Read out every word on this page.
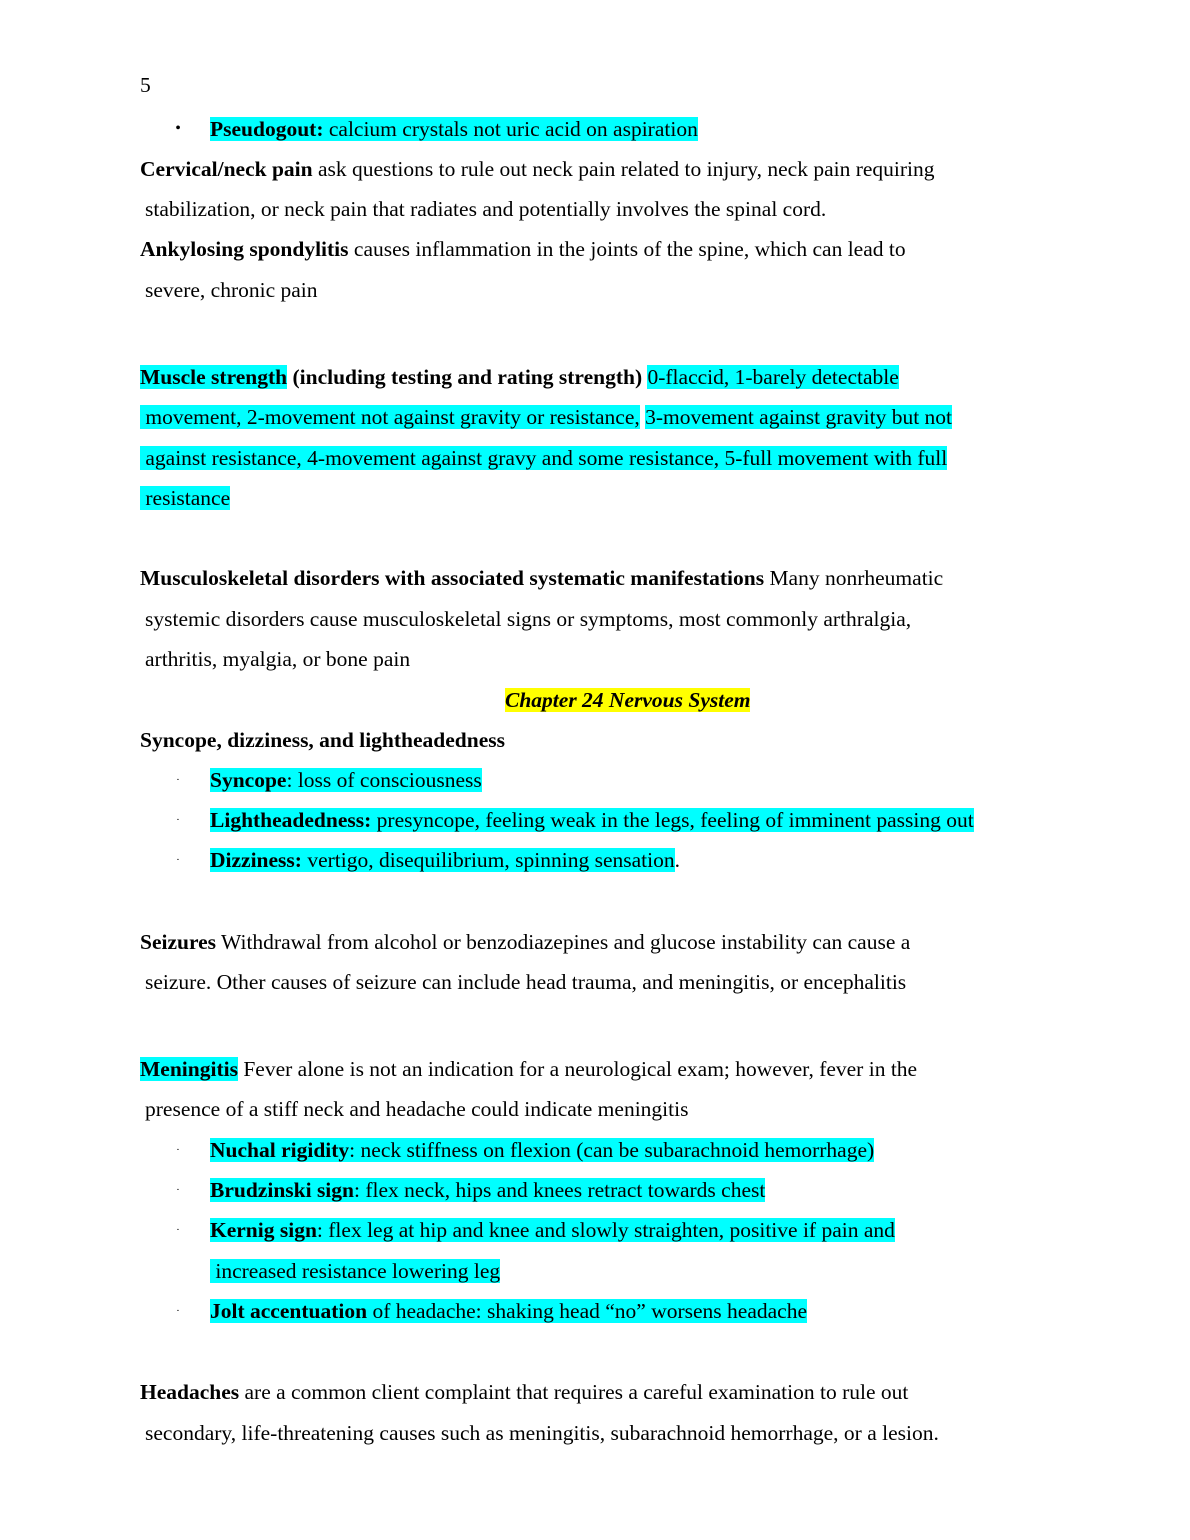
5
• Pseudogout: calcium crystals not uric acid on aspiration
Cervical/neck pain ask questions to rule out neck pain related to injury, neck pain requiring
stabilization, or neck pain that radiates and potentially involves the spinal cord.
Ankylosing spondylitis causes inflammation in the joints of the spine, which can lead to
severe, chronic pain
Muscle strength (including testing and rating strength) 0-flaccid, 1-barely detectable
movement, 2-movement not against gravity or resistance, 3-movement against gravity but not
against resistance, 4-movement against gravy and some resistance, 5-full movement with full
resistance
Musculoskeletal disorders with associated systematic manifestations Many nonrheumatic
systemic disorders cause musculoskeletal signs or symptoms, most commonly arthralgia,
arthritis, myalgia, or bone pain
Chapter 24 Nervous System
Syncope, dizziness, and lightheadedness
· Syncope: loss of consciousness
· Lightheadedness: presyncope, feeling weak in the legs, feeling of imminent passing out
· Dizziness: vertigo, disequilibrium, spinning sensation.
Seizures Withdrawal from alcohol or benzodiazepines and glucose instability can cause a
seizure. Other causes of seizure can include head trauma, and meningitis, or encephalitis
Meningitis Fever alone is not an indication for a neurological exam; however, fever in the
presence of a stiff neck and headache could indicate meningitis
· Nuchal rigidity: neck stiffness on flexion (can be subarachnoid hemorrhage)
· Brudzinski sign: flex neck, hips and knees retract towards chest
· Kernig sign: flex leg at hip and knee and slowly straighten, positive if pain and
increased resistance lowering leg
· Jolt accentuation of headache: shaking head “no” worsens headache
Headaches are a common client complaint that requires a careful examination to rule out
secondary, life-threatening causes such as meningitis, subarachnoid hemorrhage, or a lesion.
